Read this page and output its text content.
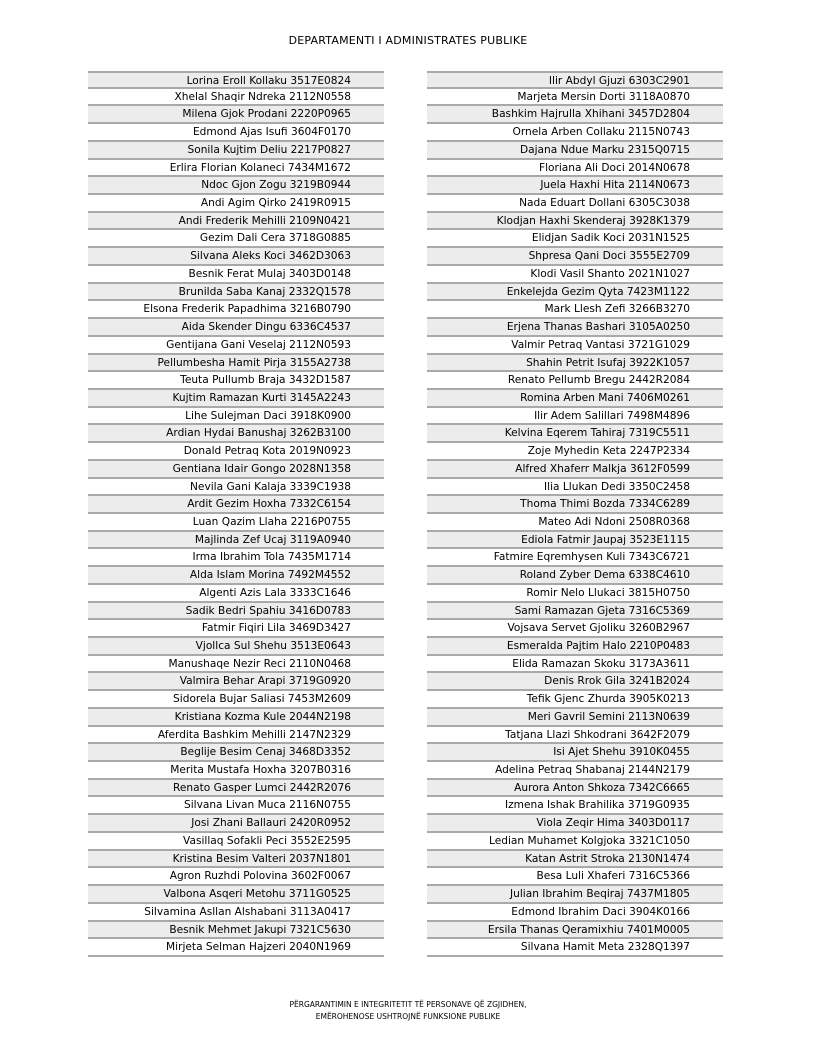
DEPARTAMENTI I ADMINISTRATES PUBLIKE
Lorina Eroll Kollaku 3517E0824
Xhelal Shaqir Ndreka 2112N0558
Milena Gjok Prodani 2220P0965
Edmond Ajas Isufi 3604F0170
Sonila Kujtim Deliu 2217P0827
Erlira Florian Kolaneci 7434M1672
Ndoc Gjon Zogu 3219B0944
Andi Agim Qirko 2419R0915
Andi Frederik Mehilli 2109N0421
Gezim Dali Cera 3718G0885
Silvana Aleks Koci 3462D3063
Besnik Ferat Mulaj 3403D0148
Brunilda Saba Kanaj 2332Q1578
Elsona Frederik Papadhima 3216B0790
Aida Skender Dingu 6336C4537
Gentijana Gani Veselaj 2112N0593
Pellumbesha Hamit Pirja 3155A2738
Teuta Pullumb Braja 3432D1587
Kujtim Ramazan Kurti 3145A2243
Lihe Sulejman Daci 3918K0900
Ardian Hydai Banushaj 3262B3100
Donald Petraq Kota 2019N0923
Gentiana Idair Gongo 2028N1358
Nevila Gani Kalaja 3339C1938
Ardit Gezim Hoxha 7332C6154
Luan Qazim Llaha 2216P0755
Majlinda Zef Ucaj 3119A0940
Irma Ibrahim Tola 7435M1714
Alda Islam Morina 7492M4552
Algenti Azis Lala 3333C1646
Sadik Bedri Spahiu 3416D0783
Fatmir Fiqiri Lila 3469D3427
Vjollca Sul Shehu 3513E0643
Manushaqe Nezir Reci 2110N0468
Valmira Behar Arapi 3719G0920
Sidorela Bujar Saliasi 7453M2609
Kristiana Kozma Kule 2044N2198
Aferdita Bashkim Mehilli 2147N2329
Beglije Besim Cenaj 3468D3352
Merita Mustafa Hoxha 3207B0316
Renato Gasper Lumci 2442R2076
Silvana Livan Muca 2116N0755
Josi Zhani Ballauri 2420R0952
Vasillaq Sofakli Peci 3552E2595
Kristina Besim Valteri 2037N1801
Agron Ruzhdi Polovina 3602F0067
Valbona Asqeri Metohu 3711G0525
Silvamina Asllan Alshabani 3113A0417
Besnik Mehmet Jakupi 7321C5630
Mirjeta Selman Hajzeri 2040N1969
Ilir Abdyl Gjuzi 6303C2901
Marjeta Mersin Dorti 3118A0870
Bashkim Hajrulla Xhihani 3457D2804
Ornela Arben Collaku 2115N0743
Dajana Ndue Marku 2315Q0715
Floriana Ali Doci 2014N0678
Juela Haxhi Hita 2114N0673
Nada Eduart Dollani 6305C3038
Klodjan Haxhi Skenderaj 3928K1379
Elidjan Sadik Koci 2031N1525
Shpresa Qani Doci 3555E2709
Klodi Vasil Shanto 2021N1027
Enkelejda Gezim Qyta 7423M1122
Mark Llesh Zefi 3266B3270
Erjena Thanas Bashari 3105A0250
Valmir Petraq Vantasi 3721G1029
Shahin Petrit Isufaj 3922K1057
Renato Pellumb Bregu 2442R2084
Romina Arben Mani 7406M0261
Ilir Adem Salillari 7498M4896
Kelvina Eqerem Tahiraj 7319C5511
Zoje Myhedin Keta 2247P2334
Alfred Xhaferr Malkja 3612F0599
Ilia Llukan Dedi 3350C2458
Thoma Thimi Bozda 7334C6289
Mateo Adi Ndoni 2508R0368
Ediola Fatmir Jaupaj 3523E1115
Fatmire Eqremhysen Kuli 7343C6721
Roland Zyber Dema 6338C4610
Romir Nelo Llukaci 3815H0750
Sami Ramazan Gjeta 7316C5369
Vojsava Servet Gjoliku 3260B2967
Esmeralda Pajtim Halo 2210P0483
Elida Ramazan Skoku 3173A3611
Denis Rrok Gila 3241B2024
Tefik Gjenc Zhurda 3905K0213
Meri Gavril Semini 2113N0639
Tatjana Llazi Shkodrani 3642F2079
Isi Ajet Shehu 3910K0455
Adelina Petraq Shabanaj 2144N2179
Aurora Anton Shkoza 7342C6665
Izmena Ishak Brahilika 3719G0935
Viola Zeqir Hima 3403D0117
Ledian Muhamet Kolgjoka 3321C1050
Katan Astrit Stroka 2130N1474
Besa Luli Xhaferi 7316C5366
Julian Ibrahim Beqiraj 7437M1805
Edmond Ibrahim Daci 3904K0166
Ersila Thanas Qeramixhiu 7401M0005
Silvana Hamit Meta 2328Q1397
PËRGARANTIMIN E INTEGRITETIT TË PERSONAVE QË ZGJIDHEN,
EMËROHENOSE USHTROJNË FUNKSIONE PUBLIKE
